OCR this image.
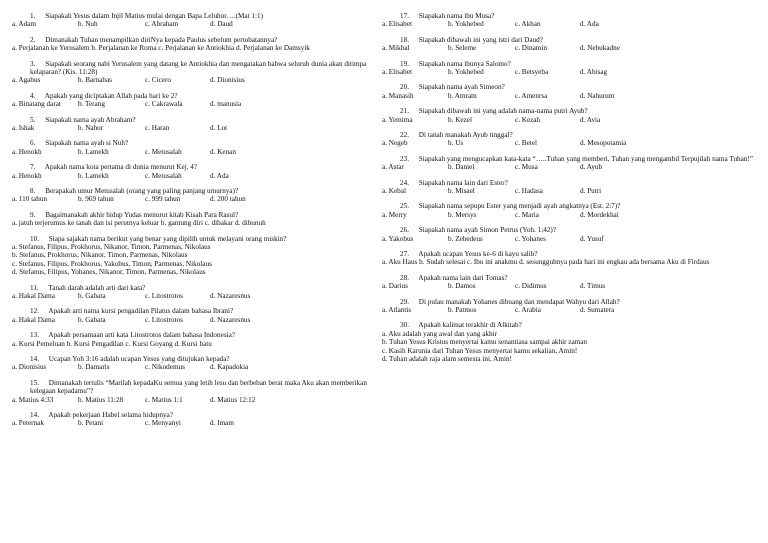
1. Siapakah Yesus dalam Injil Matius mulai dengan Bapa Leluhur….(Mat 1:1)
a. Adam	b. Nuh	c. Abraham	d. Daud
2. Dimanakah Tuhan menampilkan diriNya kepada Paulus sebelum pertobatannya?
a. Perjalanan ke Yerusalem b. Perjalanan ke Roma c. Perjalanan ke Antiokhia d. Perjalanan ke Damsyik
3. Siapakah seorang nabi Yerusalem yang datang ke Antiokhia dan mengatakan bahwa seluruh dunia akan ditimpa kelaparan? (Kis. 11:28)
a. Agabus	b. Barnabas	c. Cicero	d. Dionisius
4. Apakah yang diciptakan Allah pada hari ke 2?
a. Binatang darat b. Terang	c. Cakrawala	d. manusia
5. Siapakah nama ayah Abraham?
a. Ishak	b. Nahor	c. Haran	d. Lot
6. Siapakah nama ayah si Nuh?
a. Henokh	b. Lamekh	c. Metusalah	d. Kenan
7. Apakah nama kota pertama di dunia menurut Kej. 4?
a. Henokh	b. Lamekh	c. Metusalah	d. Ada
8. Berapakah umur Metusalah (orang yang paling panjang umurnya)?
a. 110 tahun	b. 969 tahun	c. 999 tahun	d. 200 tahun
9. Bagaimanakah akhir hidup Yudas menurut kitab Kisah Para Rasul?
a. jatuh terjerumus ke tanah dan isi perutnya keluar b. gantung diri c. dibakar d. dibunuh
10. Siapa sajakah nama berikut yang benar yang dipilih untuk melayani orang miskin?
a. Stefanus, Filipus, Prokhorus, Nikanor, Timon, Parmenas, Nikolaus
b. Stefanus, Prokhorus, Nikanor, Timon, Parmenas, Nikolaus
c. Stefanus, Filipus, Prokhorus, Yakobus, Timon, Parmenas, Nikolaus
d. Stefanus, Filipus, Yohanes, Nikanor, Timon, Parmenas, Nikolaus
11. Tanah darah adalah arti dari kata?
a. Hakal Dama	b. Gabata	c. Litostrotos	d. Nazaresnus
12. Apakah arti nama kursi pengadilan Pilatus dalam bahasa Ibrani?
a. Hakal Dama	b. Gabata	c. Litostrotos	d. Nazaresnus
13. Apakah persamaan arti kata Litostrotos dalam bahasa Indonesia?
a. Kursi Pemeluan b. Kursi Pengadilan c. Kursi Goyang d. Kursi batu
14. Ucapan Yoh 3:16 adalah ucapan Yesus yang ditujukan kepada?
a. Dionisius	b. Damaris	c. Nikodemus	d. Kapadokia
15. Dimanakah tertulis “Marilah kepadaKu semua yang letih lesu dan berbeban berat maka Aku akan memberikan kelegaan kepadamu”?
a. Matius 4:33	b. Matius 11:28	c. Matius 1:1	d. Matius 12:12
14. Apakah pekerjaan Habel selama hidupnya?
a. Peternak	b. Petani	c. Menyanyi	d. Imam
17. Siapakah nama ibu Musa?
a. Elisabet	b. Yokhebed	c. Akhan	d. Ada
18. Siapakah dibawah ini yang istri dari Daud?
a. Mikhal	b. Seleme	c. Dinamin	d. Nebukadne
19. Siapakah nama ibunya Salomo?
a. Elisabet	b. Yokhebed	c. Betsyeba	d. Abisag
20. Siapakah nama ayah Simeon?
a. Manasih	b. Amram	c. Amenrsa	d. Nahurum
21. Siapakah dibawah ini yang adalah nama-nama putri Ayub?
a. Yemima	b. Kezel	c. Kezah	d. Avia
22. Di tanah manakah Ayub tinggal?
a. Negeb	b. Us	c. Betel	d. Mesopotamia
23. Siapakah yang mengucapkan kata-kata “…..Tuhan yang memberi, Tuhan yang mengambil Terpujilah nama Tuhan!”
a. Astar	b. Daniel	c. Musa	d. Ayub
24. Siapakah nama lain dari Ester?
a. Kebal	b. Misael	c. Hadasa	d. Putri
25. Siapakah nama sepupu Ester yang menjadi ayah angkatnya (Est. 2:7)?
a. Merry	b. Mersys	c. Maria	d. Mordekhai
26. Siapakah nama ayah Simon Petrus (Yoh. 1:42)?
a. Yakobus	b. Zebedeus	c. Yohanes	d. Yusuf
27. Apakah ucapan Yesus ke-6 di kayu salib?
a. Aku Haus b. Sudah selesai c. Ibu ini anakmu d. sesungguhnya pada hari ini engkau ada bersama Aku di Firdaus
28. Apakah nama lain dari Tomas?
a. Darius	b. Damos	c. Didimus	d. Timus
29. Di pulau manakah Yohanes dibuang dan mendapat Wahyu dari Allah?
a. Atlantis	b. Patmos	c. Arabia	d. Sumatera
30. Apakah kalimat terakhir di Alkitab?
a. Aku adalah yang awal dan yang akhir
b. Tuhan Yesus Kristus menyertai kamu senantiasa sampai akhir zaman
c. Kasih Karunia dari Tuhan Yesus menyertai kamu sekalian, Amin!
d. Tuhan adalah raja alam semesta ini, Amin!
